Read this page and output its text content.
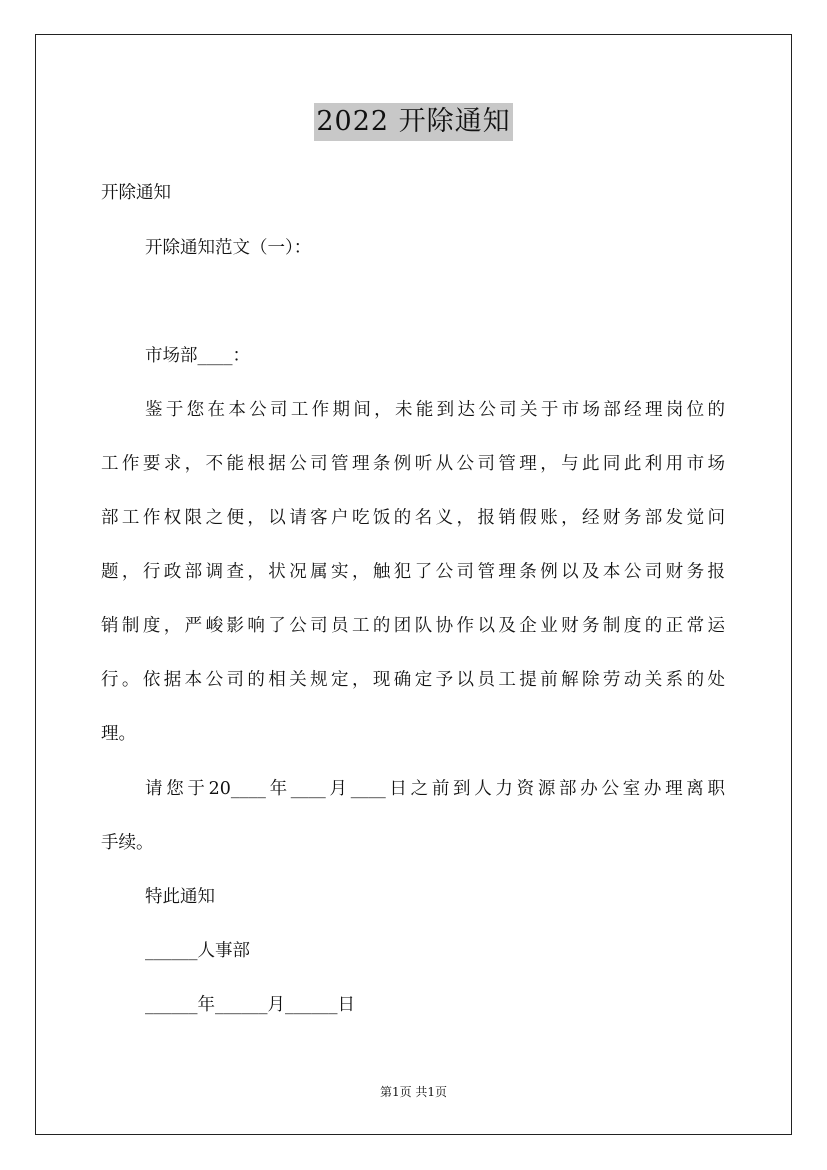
2022 开除通知
开除通知
开除通知范文（一）：
市场部____：
鉴于您在本公司工作期间，未能到达公司关于市场部经理岗位的
工作要求，不能根据公司管理条例听从公司管理，与此同此利用市场
部工作权限之便，以请客户吃饭的名义，报销假账，经财务部发觉问
题，行政部调查，状况属实，触犯了公司管理条例以及本公司财务报
销制度，严峻影响了公司员工的团队协作以及企业财务制度的正常运
行。依据本公司的相关规定，现确定予以员工提前解除劳动关系的处
理。
请您于20____年____月____日之前到人力资源部办公室办理离职
手续。
特此通知
______人事部
______年______月______日
第1页 共1页
